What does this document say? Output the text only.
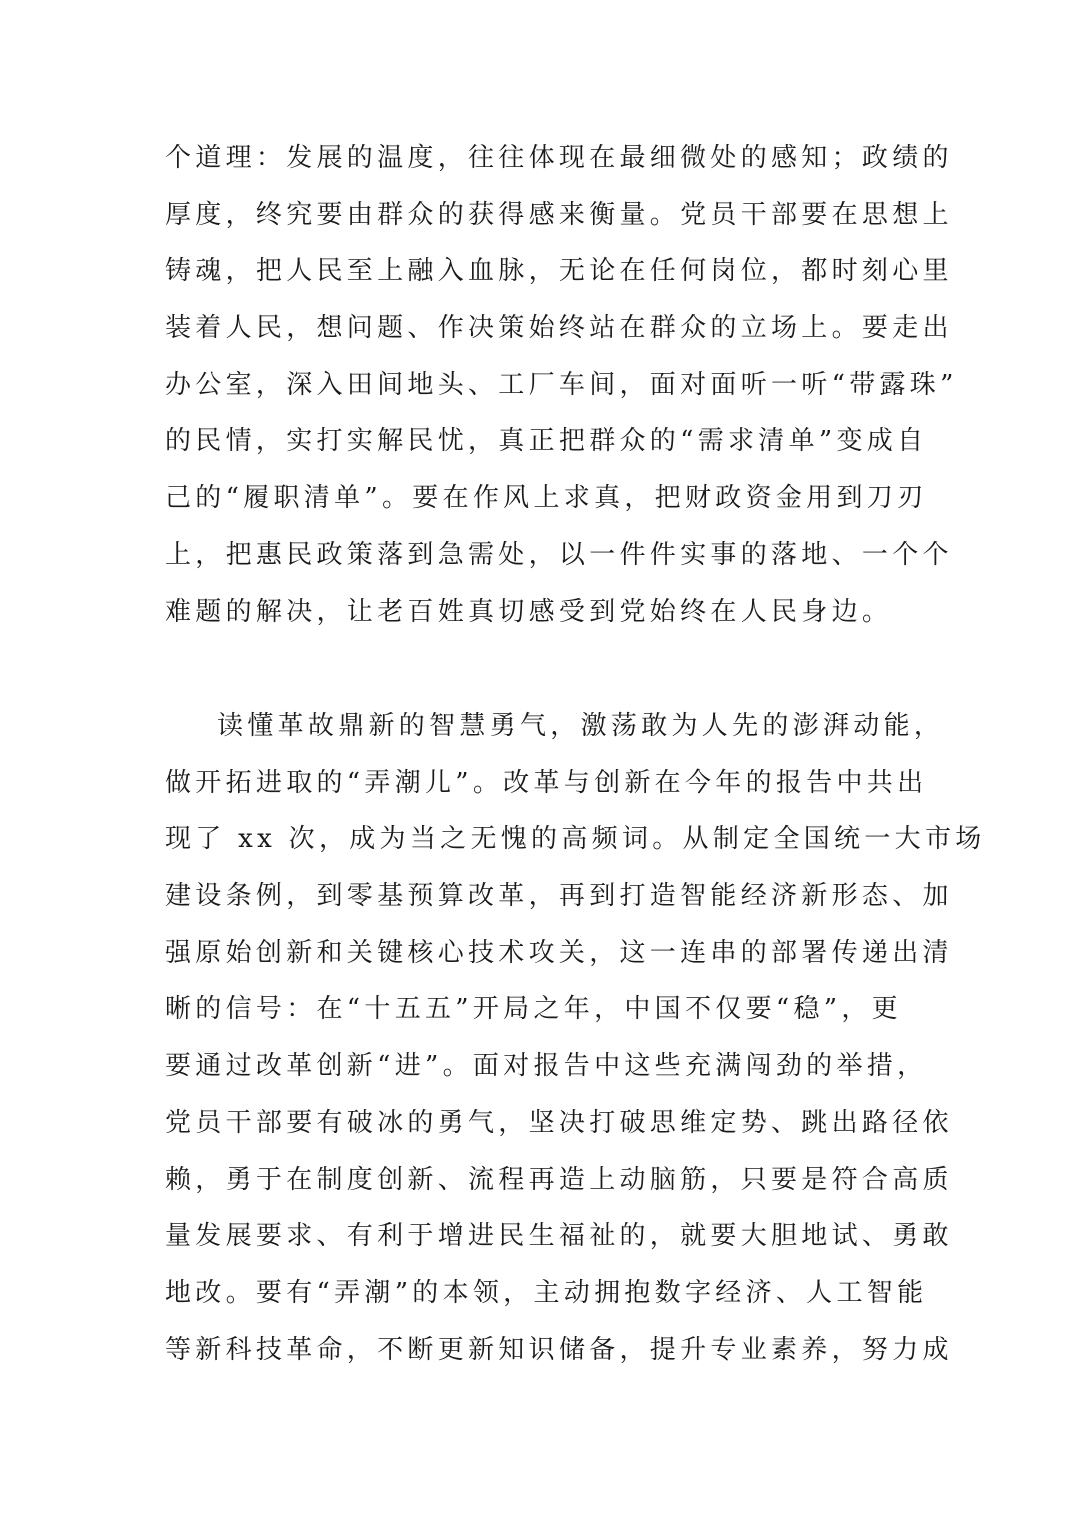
个道理：发展的温度，往往体现在最细微处的感知；政绩的
厚度，终究要由群众的获得感来衡量。党员干部要在思想上
铸魂，把人民至上融入血脉，无论在任何岗位，都时刻心里
装着人民，想问题、作决策始终站在群众的立场上。要走出
办公室，深入田间地头、工厂车间，面对面听一听“带露珠”
的民情，实打实解民忧，真正把群众的“需求清单”变成自
己的“履职清单”。要在作风上求真，把财政资金用到刀刃
上，把惠民政策落到急需处，以一件件实事的落地、一个个
难题的解决，让老百姓真切感受到党始终在人民身边。
读懂革故鼎新的智慧勇气，激荡敢为人先的澎湃动能，
做开拓进取的“弄潮儿”。改革与创新在今年的报告中共出
现了 xx 次，成为当之无愧的高频词。从制定全国统一大市场
建设条例，到零基预算改革，再到打造智能经济新形态、加
强原始创新和关键核心技术攻关，这一连串的部署传递出清
晰的信号：在“十五五”开局之年，中国不仅要“稳”，更
要通过改革创新“进”。面对报告中这些充满闯劲的举措，
党员干部要有破冰的勇气，坚决打破思维定势、跳出路径依
赖，勇于在制度创新、流程再造上动脑筋，只要是符合高质
量发展要求、有利于增进民生福祉的，就要大胆地试、勇敢
地改。要有“弄潮”的本领，主动拥抱数字经济、人工智能
等新科技革命，不断更新知识储备，提升专业素养，努力成
